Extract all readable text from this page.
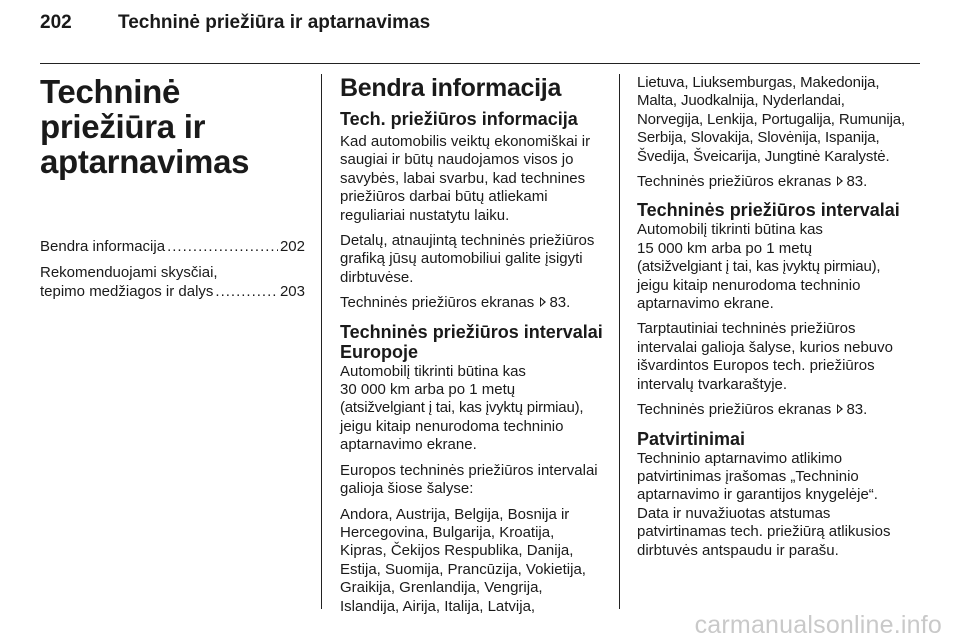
202	Techninė priežiūra ir aptarnavimas
Techninė priežiūra ir
aptarnavimas
Bendra informacija .....	202
Rekomenduojami skysčiai,
tepimo medžiagos ir dalys .....	203
Bendra informacija
Tech. priežiūros informacija
Kad automobilis veiktų ekonomiškai ir saugiai ir būtų naudojamos visos jo savybės, labai svarbu, kad technines priežiūros darbai būtų atliekami reguliariai nustatytu laiku.
Detalų, atnaujintą techninės priežiūros grafiką jūsų automobiliui galite įsigyti dirbtuvėse.
Techninės priežiūros ekranas 83.
Techninės priežiūros intervalai
Europoje
Automobilį tikrinti būtina kas
30 000 km arba po 1 metų
(atsižvelgiant į tai, kas įvyktų pirmiau),
jeigu kitaip nenurodoma techninio
aptarnavimo ekrane.
Europos techninės priežiūros intervalai galioja šiose šalyse:
Andora, Austrija, Belgija, Bosnija ir Hercegovina, Bulgarija, Kroatija, Kipras, Čekijos Respublika, Danija, Estija, Suomija, Prancūzija, Vokietija, Graikija, Grenlandija, Vengrija, Islandija, Airija, Italija, Latvija,
Lietuva, Liuksemburgas, Makedonija, Malta, Juodkalnija, Nyderlandai, Norvegija, Lenkija, Portugalija, Rumunija, Serbija, Slovakija, Slovėnija, Ispanija, Švedija, Šveicarija, Jungtinė Karalystė.
Techninės priežiūros ekranas 83.
Techninės priežiūros intervalai
Automobilį tikrinti būtina kas
15 000 km arba po 1 metų
(atsižvelgiant į tai, kas įvyktų pirmiau),
jeigu kitaip nenurodoma techninio
aptarnavimo ekrane.
Tarptautiniai techninės priežiūros intervalai galioja šalyse, kurios nebuvo išvardintos Europos tech. priežiūros intervalų tvarkaraštyje.
Techninės priežiūros ekranas 83.
Patvirtinimai
Techninio aptarnavimo atlikimo patvirtinimas įrašomas „Techninio aptarnavimo ir garantijos knygelėje“. Data ir nuvažiuotas atstumas patvirtinamas tech. priežiūrą atlikusios dirbtuvės antspaudu ir parašu.
carmanualsonline.info
